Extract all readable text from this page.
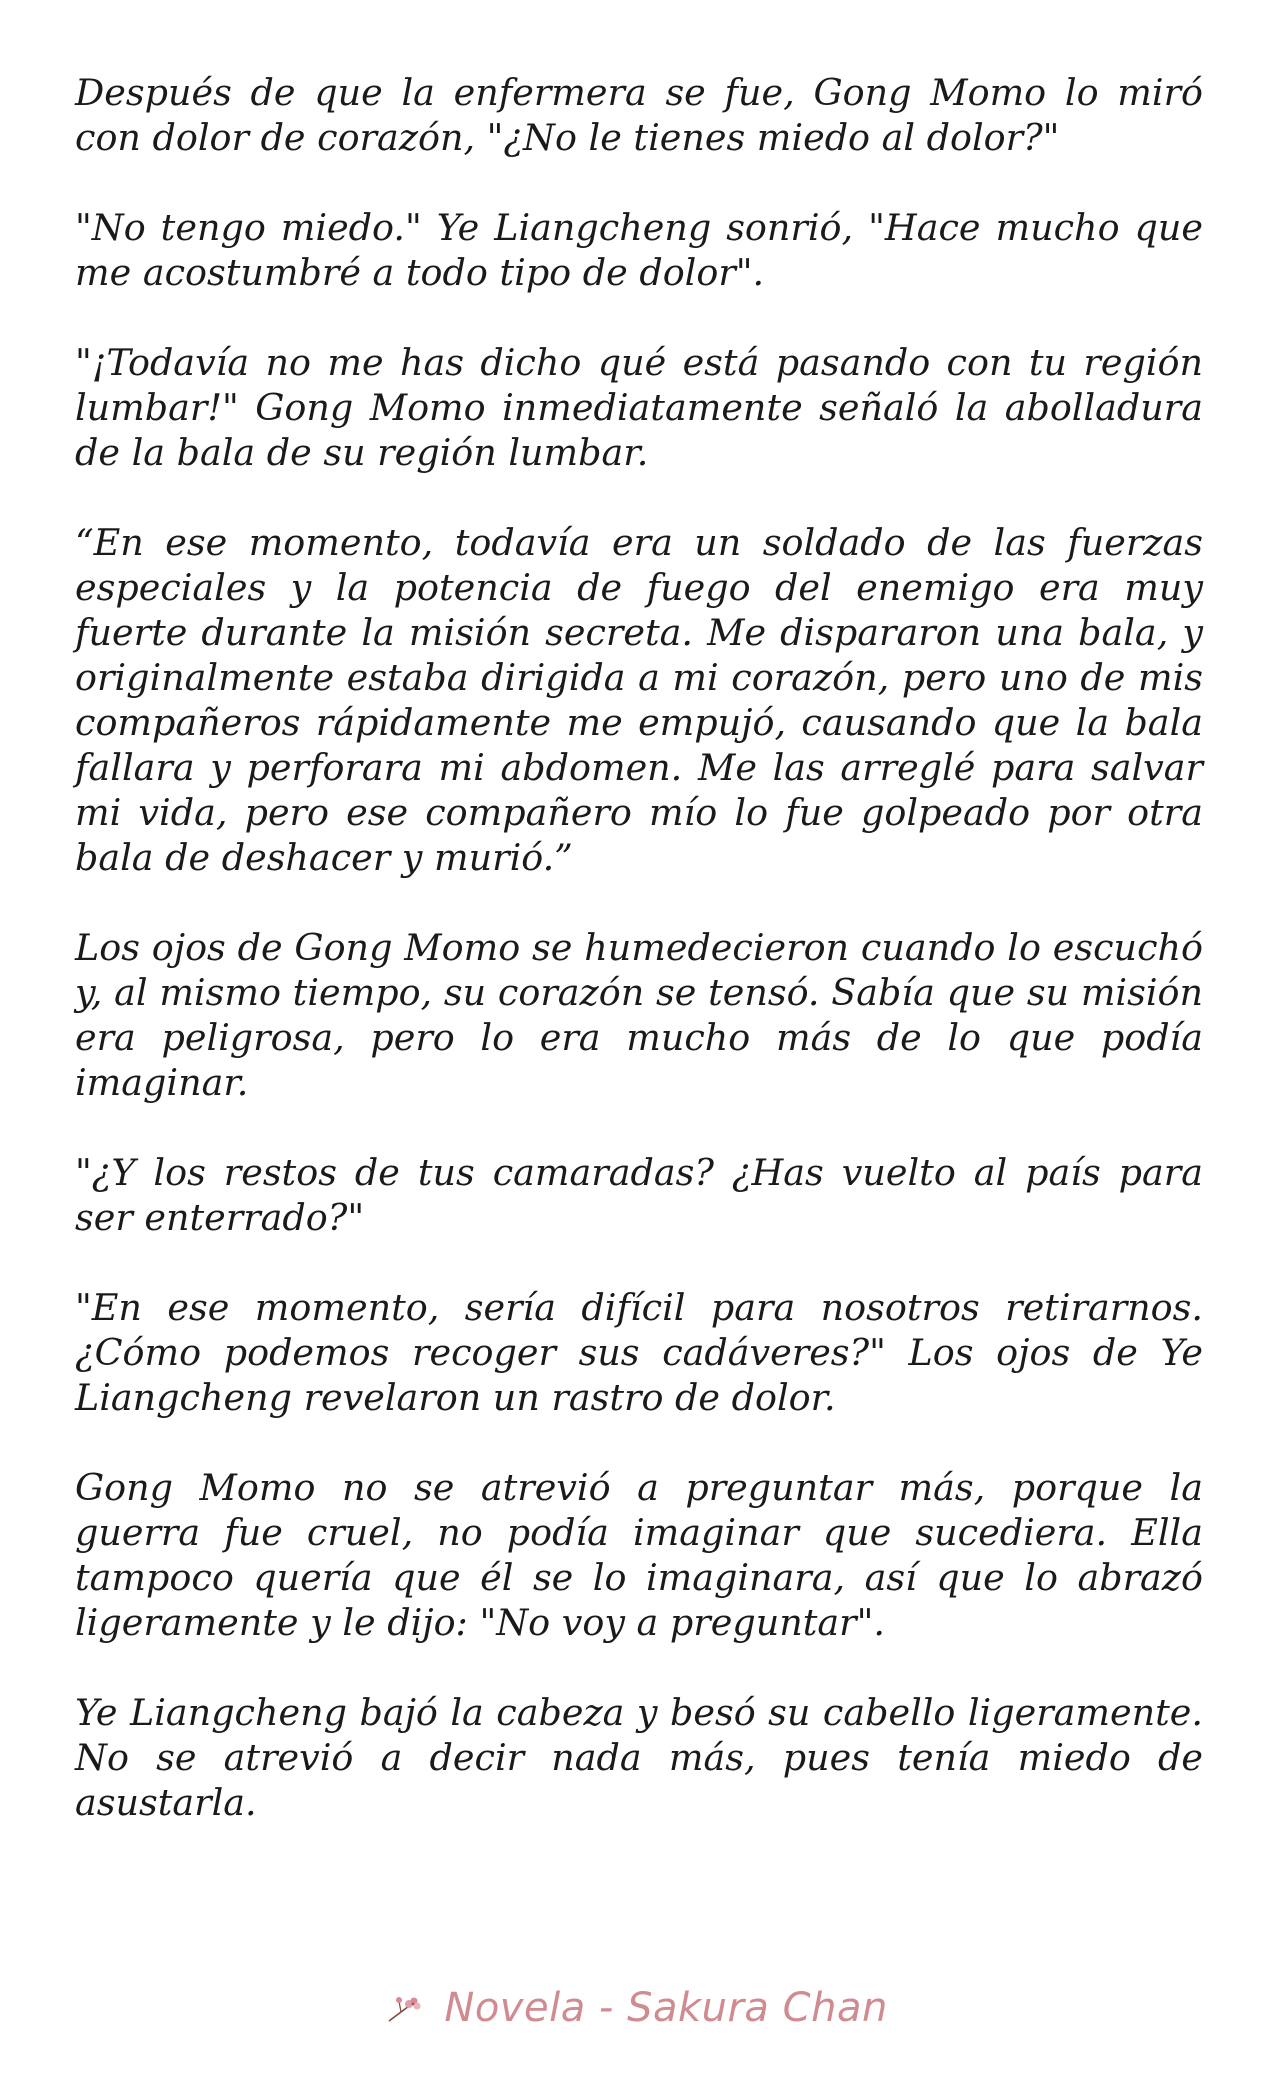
Después de que la enfermera se fue, Gong Momo lo miró con dolor de corazón, "¿No le tienes miedo al dolor?"

"No tengo miedo." Ye Liangcheng sonrió, "Hace mucho que me acostumbré a todo tipo de dolor".

"¡Todavía no me has dicho qué está pasando con tu región lumbar!" Gong Momo inmediatamente señaló la abolladura de la bala de su región lumbar.

“En ese momento, todavía era un soldado de las fuerzas especiales y la potencia de fuego del enemigo era muy fuerte durante la misión secreta. Me dispararon una bala, y originalmente estaba dirigida a mi corazón, pero uno de mis compañeros rápidamente me empujó, causando que la bala fallara y perforara mi abdomen. Me las arreglé para salvar mi vida, pero ese compañero mío lo fue golpeado por otra bala de deshacer y murió.”

Los ojos de Gong Momo se humedecieron cuando lo escuchó y, al mismo tiempo, su corazón se tensó. Sabía que su misión era peligrosa, pero lo era mucho más de lo que podía imaginar.

"¿Y los restos de tus camaradas? ¿Has vuelto al país para ser enterrado?"

"En ese momento, sería difícil para nosotros retirarnos. ¿Cómo podemos recoger sus cadáveres?" Los ojos de Ye Liangcheng revelaron un rastro de dolor.

Gong Momo no se atrevió a preguntar más, porque la guerra fue cruel, no podía imaginar que sucediera. Ella tampoco quería que él se lo imaginara, así que lo abrazó ligeramente y le dijo: "No voy a preguntar".

Ye Liangcheng bajó la cabeza y besó su cabello ligeramente. No se atrevió a decir nada más, pues tenía miedo de asustarla.

Novela - Sakura Chan
